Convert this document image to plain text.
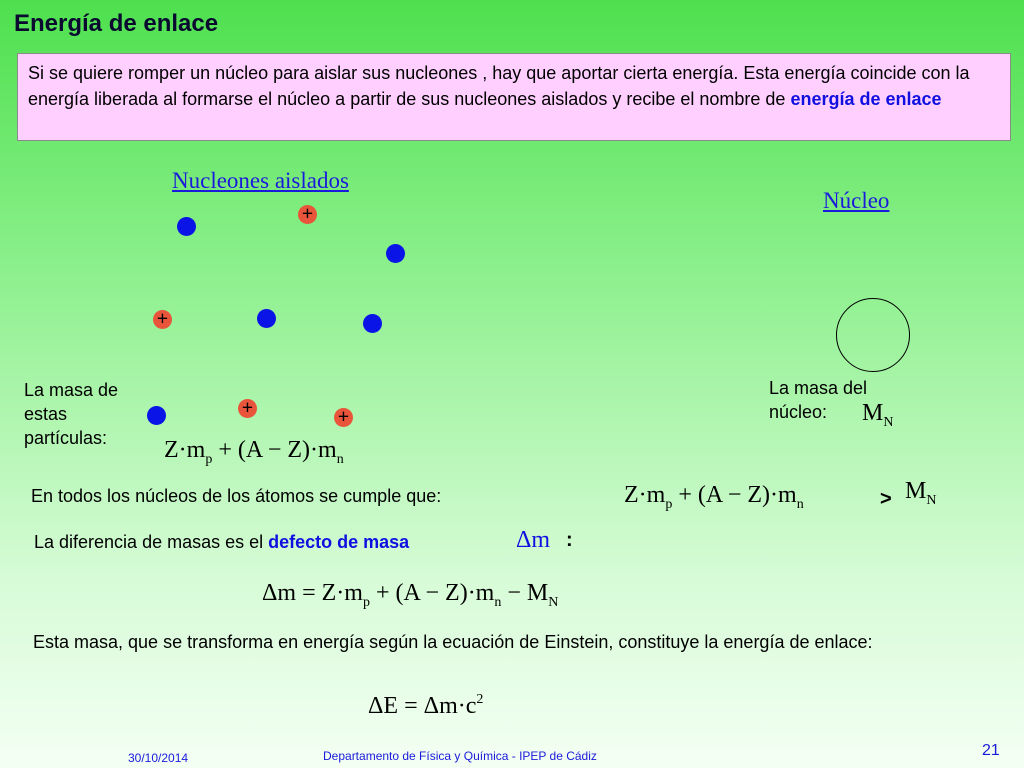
Energía de enlace
Si se quiere romper un núcleo para aislar sus nucleones , hay que aportar cierta energía. Esta energía coincide con la energía liberada al formarse el núcleo a partir de sus nucleones aislados y recibe el nombre de energía de enlace
Nucleones aislados
Núcleo
+
+
+	+
La masa de estas partículas:	$Z\cdot m_p + (A - Z)\cdot m_n$
La masa del núcleo:	$M_N$
En todos los núcleos de los átomos se cumple que:	$Z\cdot m_p + (A - Z)\cdot m_n$	> $M_N$
La diferencia de masas es el defecto de masa	Δm :
$\Delta m = Z\cdot m_p + (A - Z)\cdot m_n - M_N$
Esta masa, que se transforma en energía según la ecuación de Einstein, constituye la energía de enlace:
$\Delta E = \Delta m\cdot c^2$
30/10/2014	Departamento de Física y Química - IPEP de Cádiz	21
